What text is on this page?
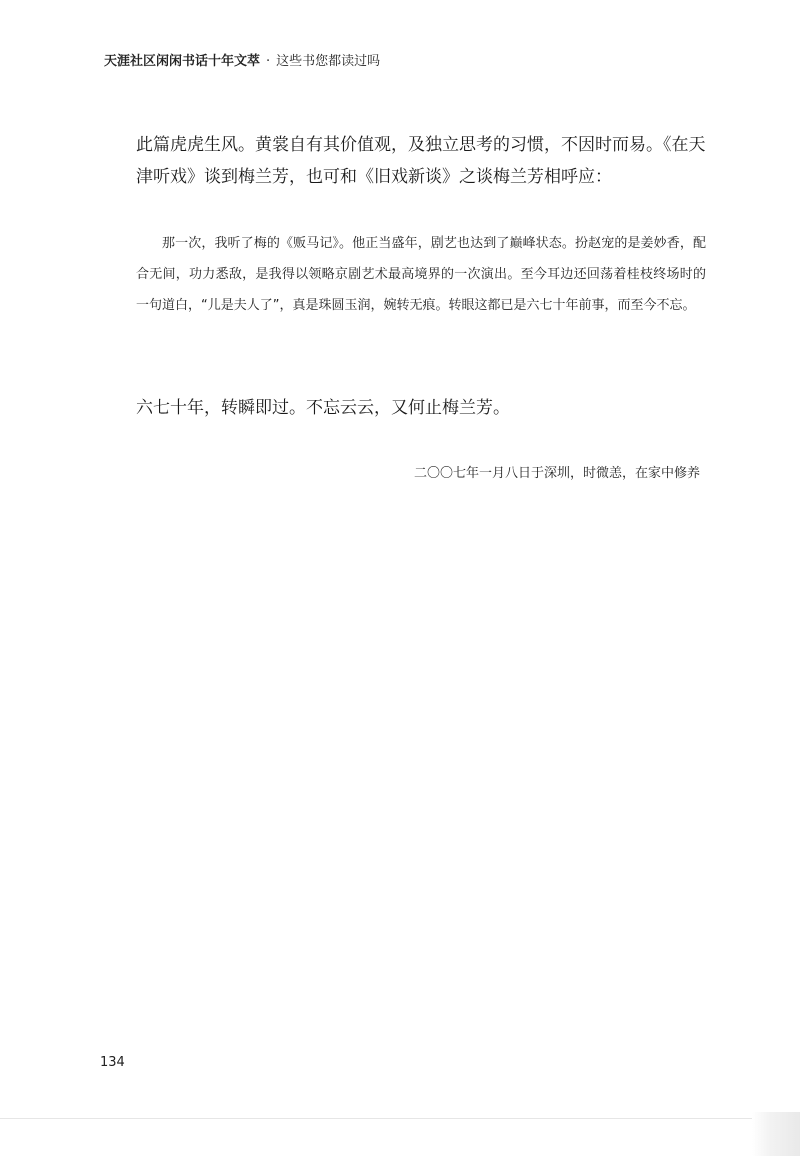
天涯社区闲闲书话十年文萃 · 这些书您都读过吗

此篇虎虎生风。黄裳自有其价值观，及独立思考的习惯，不因时而易。《在天津听戏》谈到梅兰芳，也可和《旧戏新谈》之谈梅兰芳相呼应：

那一次，我听了梅的《贩马记》。他正当盛年，剧艺也达到了巅峰状态。扮赵宠的是姜妙香，配合无间，功力悉敌，是我得以领略京剧艺术最高境界的一次演出。至今耳边还回荡着桂枝终场时的一句道白，“儿是夫人了”，真是珠圆玉润，婉转无痕。转眼这都已是六七十年前事，而至今不忘。

六七十年，转瞬即过。不忘云云，又何止梅兰芳。

二〇〇七年一月八日于深圳，时微恙，在家中修养
134
